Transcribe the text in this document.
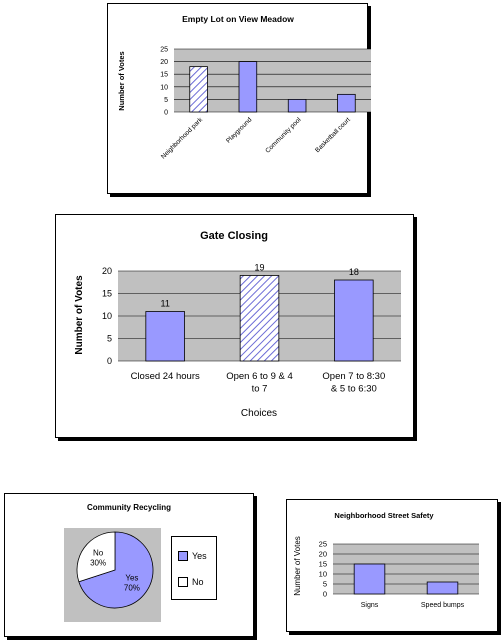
Empty Lot on View Meadow
Number of Votes
0
5
10
15
20
25
Neighborhood park	Playground Community pool Basketball court
Gate Closing
Number of Votes
0
5
10
15
20
11
19	18
Closed 24 hours	Open 6 to 9 & 4
to 7
Open 7 to 8:30
& 5 to 6:30
Choices
Community Recycling
Yes
70%
No
30%
Yes
No
Neighborhood Street Safety
Number of Votes	0
5
10
15
20
25
Signs	Speed bumps
